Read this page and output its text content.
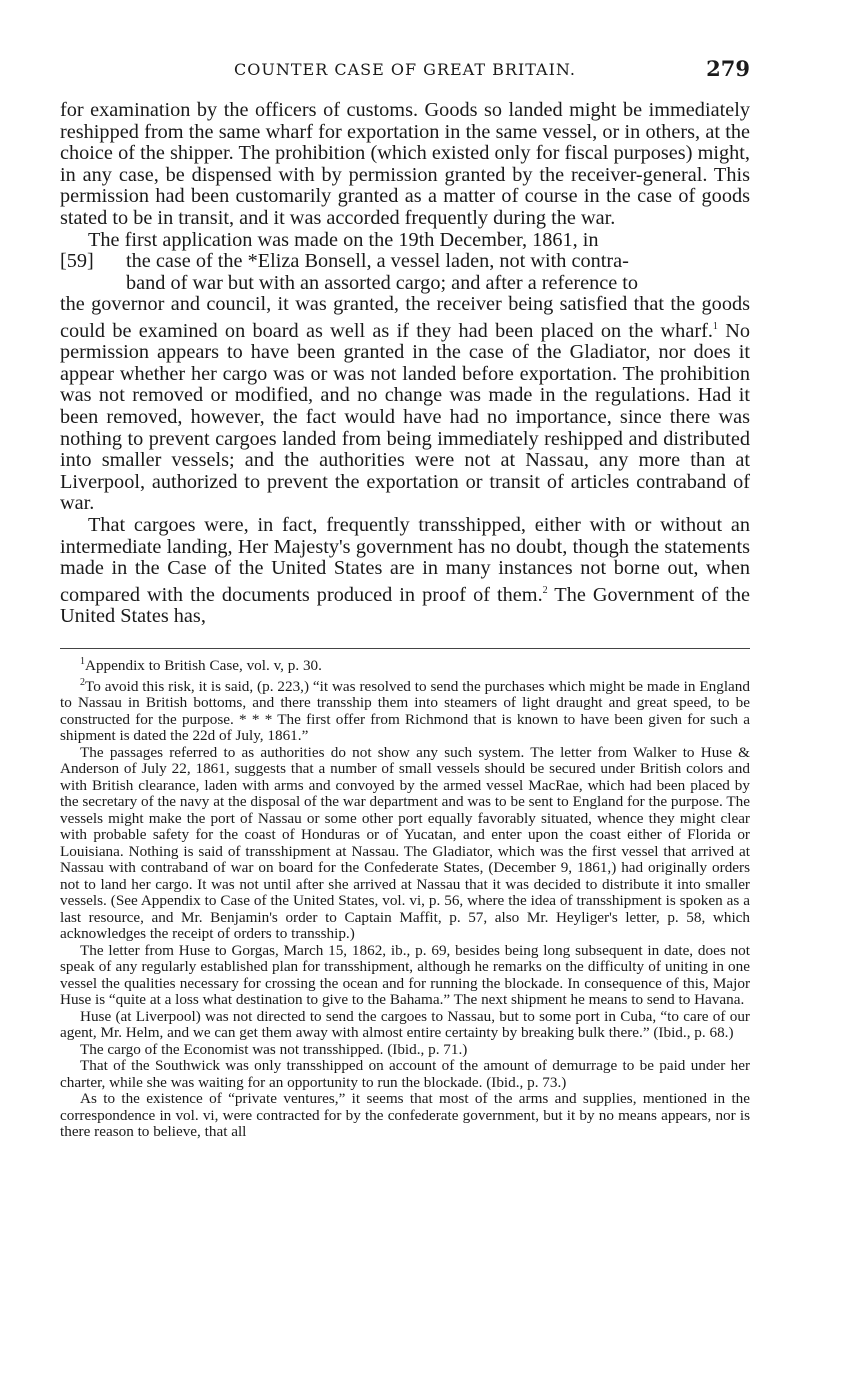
COUNTER CASE OF GREAT BRITAIN.	279

for examination by the officers of customs. Goods so landed might be immediately reshipped from the same wharf for exportation in the same vessel, or in others, at the choice of the shipper. The prohibition (which existed only for fiscal purposes) might, in any case, be dispensed with by permission granted by the receiver-general. This permission had been customarily granted as a matter of course in the case of goods stated to be in transit, and it was accorded frequently during the war.

The first application was made on the 19th December, 1861, in

[59] the case of the *Eliza Bonsell, a vessel laden, not with contra-

band of war but with an assorted cargo; and after a reference to

the governor and council, it was granted, the receiver being satisfied that the goods could be examined on board as well as if they had been placed on the wharf.$^1$ No permission appears to have been granted in the case of the Gladiator, nor does it appear whether her cargo was or was not landed before exportation. The prohibition was not removed or modified, and no change was made in the regulations. Had it been removed, however, the fact would have had no importance, since there was nothing to prevent cargoes landed from being immediately reshipped and distributed into smaller vessels; and the authorities were not at Nassau, any more than at Liverpool, authorized to prevent the exportation or transit of articles contraband of war.

That cargoes were, in fact, frequently transshipped, either with or without an intermediate landing, Her Majesty's government has no doubt, though the statements made in the Case of the United States are in many instances not borne out, when compared with the documents produced in proof of them.$^2$ The Government of the United States has,

$^1$Appendix to British Case, vol. v, p. 30.

$^2$To avoid this risk, it is said, (p. 223,) “it was resolved to send the purchases which might be made in England to Nassau in British bottoms, and there transship them into steamers of light draught and great speed, to be constructed for the purpose. * * * The first offer from Richmond that is known to have been given for such a shipment is dated the 22d of July, 1861.”

The passages referred to as authorities do not show any such system. The letter from Walker to Huse & Anderson of July 22, 1861, suggests that a number of small vessels should be secured under British colors and with British clearance, laden with arms and convoyed by the armed vessel MacRae, which had been placed by the secretary of the navy at the disposal of the war department and was to be sent to England for the purpose. The vessels might make the port of Nassau or some other port equally favorably situated, whence they might clear with probable safety for the coast of Honduras or of Yucatan, and enter upon the coast either of Florida or Louisiana. Nothing is said of transshipment at Nassau. The Gladiator, which was the first vessel that arrived at Nassau with contraband of war on board for the Confederate States, (December 9, 1861,) had originally orders not to land her cargo. It was not until after she arrived at Nassau that it was decided to distribute it into smaller vessels. (See Appendix to Case of the United States, vol. vi, p. 56, where the idea of transshipment is spoken as a last resource, and Mr. Benjamin's order to Captain Maffit, p. 57, also Mr. Heyliger's letter, p. 58, which acknowledges the receipt of orders to transship.)

The letter from Huse to Gorgas, March 15, 1862, ib., p. 69, besides being long subsequent in date, does not speak of any regularly established plan for transshipment, although he remarks on the difficulty of uniting in one vessel the qualities necessary for crossing the ocean and for running the blockade. In consequence of this, Major Huse is “quite at a loss what destination to give to the Bahama.” The next shipment he means to send to Havana.

Huse (at Liverpool) was not directed to send the cargoes to Nassau, but to some port in Cuba, “to care of our agent, Mr. Helm, and we can get them away with almost entire certainty by breaking bulk there.” (Ibid., p. 68.)

The cargo of the Economist was not transshipped. (Ibid., p. 71.)

That of the Southwick was only transshipped on account of the amount of demurrage to be paid under her charter, while she was waiting for an opportunity to run the blockade. (Ibid., p. 73.)

As to the existence of “private ventures,” it seems that most of the arms and supplies, mentioned in the correspondence in vol. vi, were contracted for by the confederate government, but it by no means appears, nor is there reason to believe, that all
